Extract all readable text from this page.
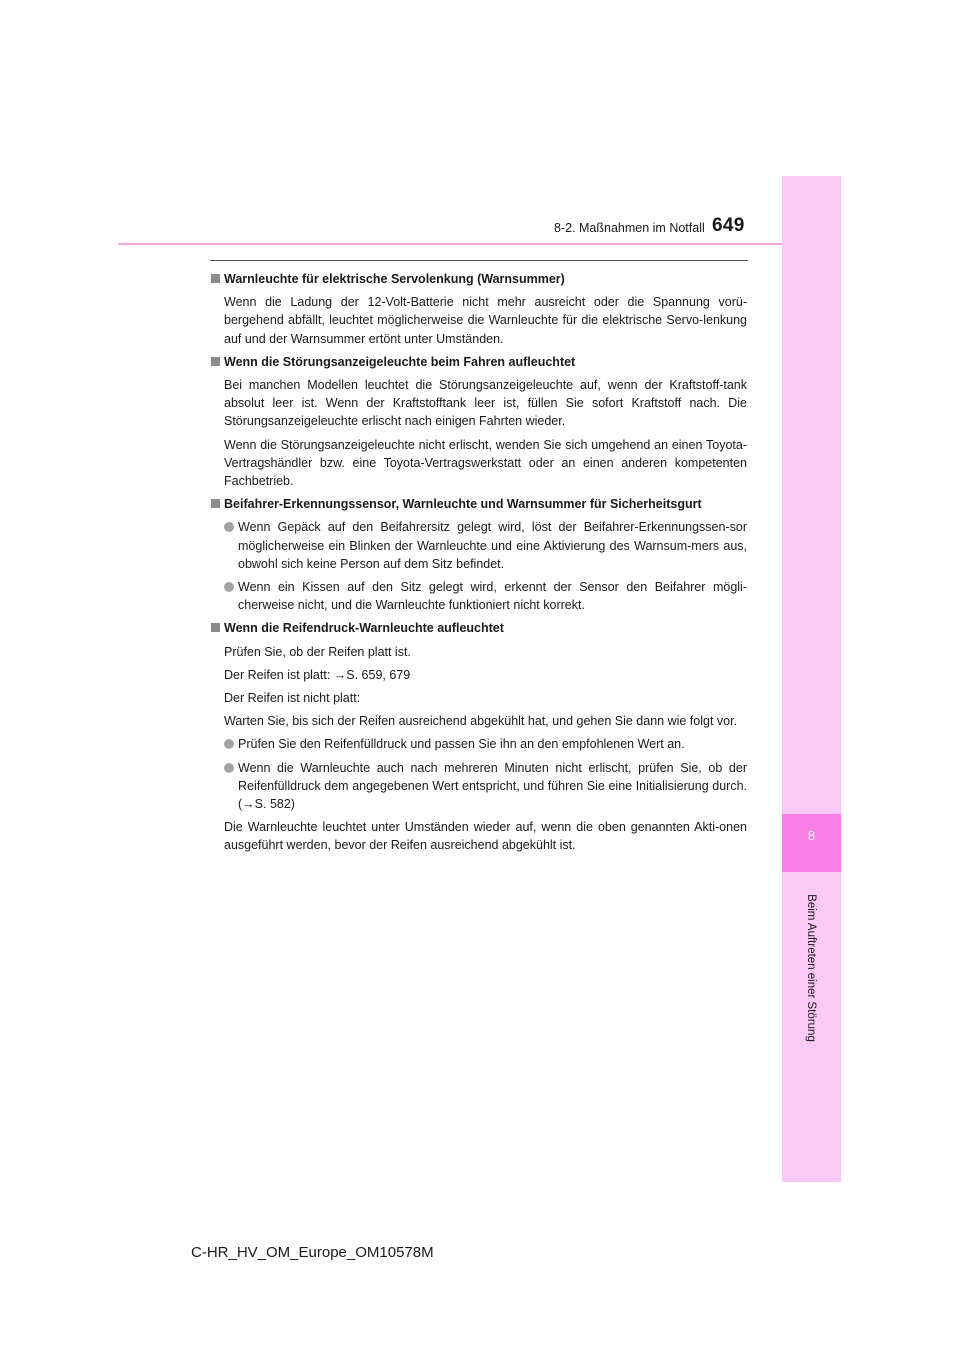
8
Beim Auftreten einer Störung
8-2. Maßnahmen im Notfall 649
Warnleuchte für elektrische Servolenkung (Warnsummer)
Wenn die Ladung der 12-Volt-Batterie nicht mehr ausreicht oder die Spannung vorü-bergehend abfällt, leuchtet möglicherweise die Warnleuchte für die elektrische Servo-lenkung auf und der Warnsummer ertönt unter Umständen.
Wenn die Störungsanzeigeleuchte beim Fahren aufleuchtet
Bei manchen Modellen leuchtet die Störungsanzeigeleuchte auf, wenn der Kraftstoff-tank absolut leer ist. Wenn der Kraftstofftank leer ist, füllen Sie sofort Kraftstoff nach. Die Störungsanzeigeleuchte erlischt nach einigen Fahrten wieder.
Wenn die Störungsanzeigeleuchte nicht erlischt, wenden Sie sich umgehend an einen Toyota-Vertragshändler bzw. eine Toyota-Vertragswerkstatt oder an einen anderen kompetenten Fachbetrieb.
Beifahrer-Erkennungssensor, Warnleuchte und Warnsummer für Sicherheitsgurt
Wenn Gepäck auf den Beifahrersitz gelegt wird, löst der Beifahrer-Erkennungssen-sor möglicherweise ein Blinken der Warnleuchte und eine Aktivierung des Warnsum-mers aus, obwohl sich keine Person auf dem Sitz befindet.
Wenn ein Kissen auf den Sitz gelegt wird, erkennt der Sensor den Beifahrer mögli-cherweise nicht, und die Warnleuchte funktioniert nicht korrekt.
Wenn die Reifendruck-Warnleuchte aufleuchtet
Prüfen Sie, ob der Reifen platt ist.
Der Reifen ist platt: →S. 659, 679
Der Reifen ist nicht platt:
Warten Sie, bis sich der Reifen ausreichend abgekühlt hat, und gehen Sie dann wie folgt vor.
Prüfen Sie den Reifenfülldruck und passen Sie ihn an den empfohlenen Wert an.
Wenn die Warnleuchte auch nach mehreren Minuten nicht erlischt, prüfen Sie, ob der Reifenfülldruck dem angegebenen Wert entspricht, und führen Sie eine Initialisierung durch. (→S. 582)
Die Warnleuchte leuchtet unter Umständen wieder auf, wenn die oben genannten Akti-onen ausgeführt werden, bevor der Reifen ausreichend abgekühlt ist.
C-HR_HV_OM_Europe_OM10578M
